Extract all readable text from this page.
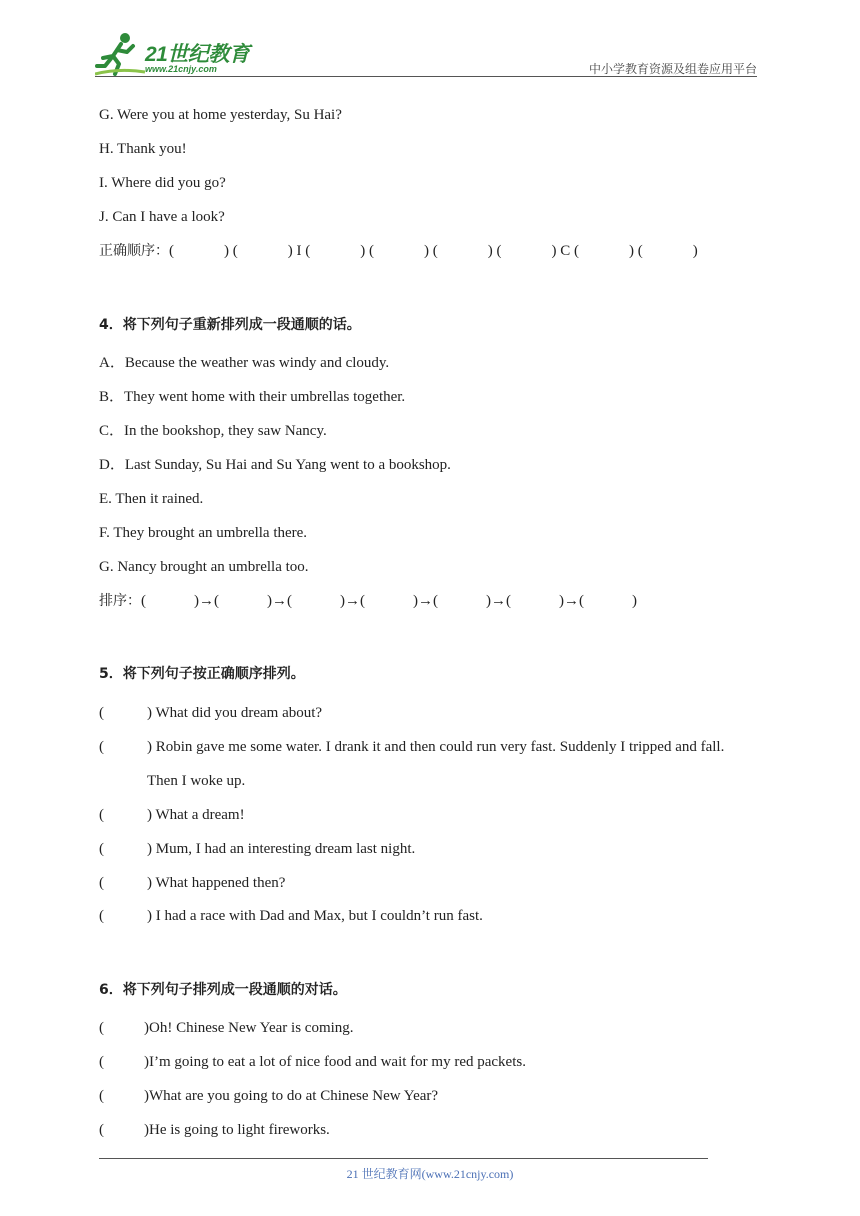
21世纪教育
www.21cnjy.com	中小学教育资源及组卷应用平台
G. Were you at home yesterday, Su Hai?
H. Thank you!
I. Where did you go?
J. Can I have a look?
正确顺序： (	) (	) I (	) (	) (	) (	) C (	) (	)
4．将下列句子重新排列成一段通顺的话。
A．Because the weather was windy and cloudy.
B．They went home with their umbrellas together.
C．In the bookshop, they saw Nancy.
D．Last Sunday, Su Hai and Su Yang went to a bookshop.
E. Then it rained.
F. They brought an umbrella there.
G. Nancy brought an umbrella too.
排序： (	)→(	)→(	)→(	)→(	)→(	)→(	)
5．将下列句子按正确顺序排列。
(	) What did you dream about?
(	) Robin gave me some water. I drank it and then could run very fast. Suddenly I tripped and fall.
Then I woke up.
(	) What a dream!
(	) Mum, I had an interesting dream last night.
(	) What happened then?
(	) I had a race with Dad and Max, but I couldn’t run fast.
6．将下列句子排列成一段通顺的对话。
(	)Oh! Chinese New Year is coming.
(	)I’m going to eat a lot of nice food and wait for my red packets.
(	)What are you going to do at Chinese New Year?
(	)He is going to light fireworks.
21 世纪教育网(www.21cnjy.com)
